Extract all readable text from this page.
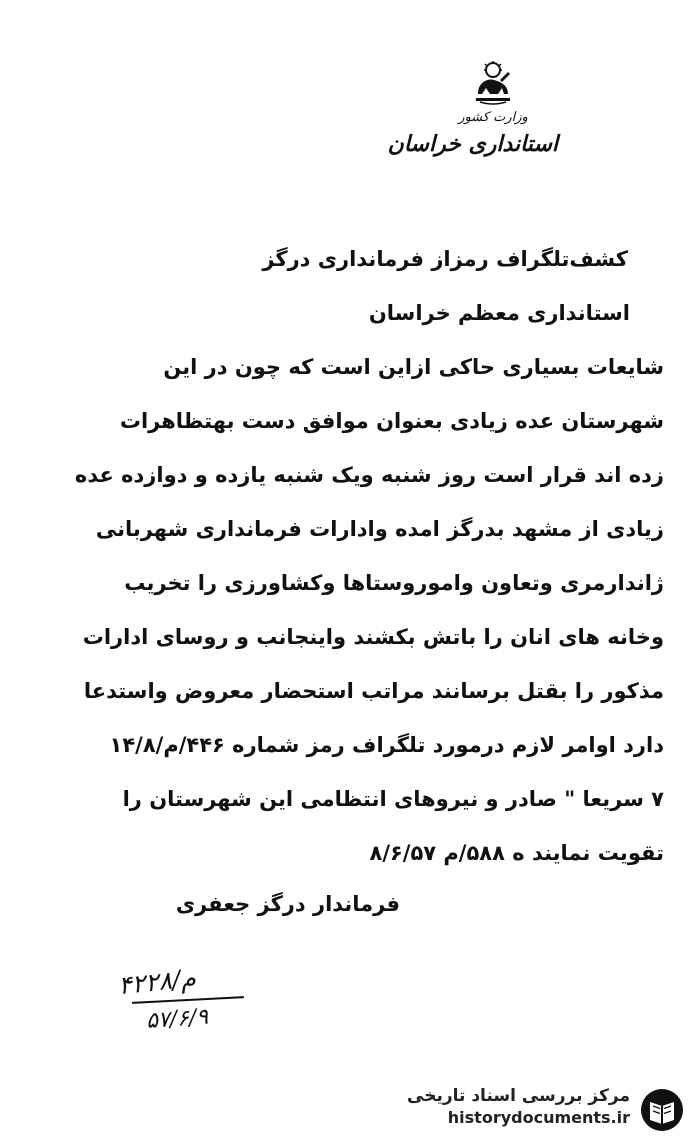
وزارت کشور
استانداری خراسان
کشف‌تلگراف رمزاز فرمانداری درگز
استانداری معظم خراسان
شایعات بسیاری حاکی ازاین است که چون در این
شهرستان عده زیادی بعنوان موافق دست بهتظاهرات
زده اند قرار است روز شنبه ویک شنبه یازده و دوازده عده
زیادی از مشهد بدرگز امده وادارات فرمانداری شهربانی
ژاندارمری وتعاون واموروستاها وکشاورزی را تخریب
وخانه های انان را باتش بکشند واینجانب و روسای ادارات
مذکور را بقتل برسانند مراتب استحضار معروض واستدعا
دارد اوامر لازم درمورد تلگراف رمز شماره ۴۴۶/م/۱۴/۸
۷ سریعا " صادر و نیروهای انتظامی این شهرستان را
تقویت نمایند ه ۵۸۸/م ۸/۶/۵۷
فرماندار درگز جعفری
۴۲۲۸/م
۵۷/۶/۹
مرکز بررسی اسناد تاریخی
historydocuments.ir
